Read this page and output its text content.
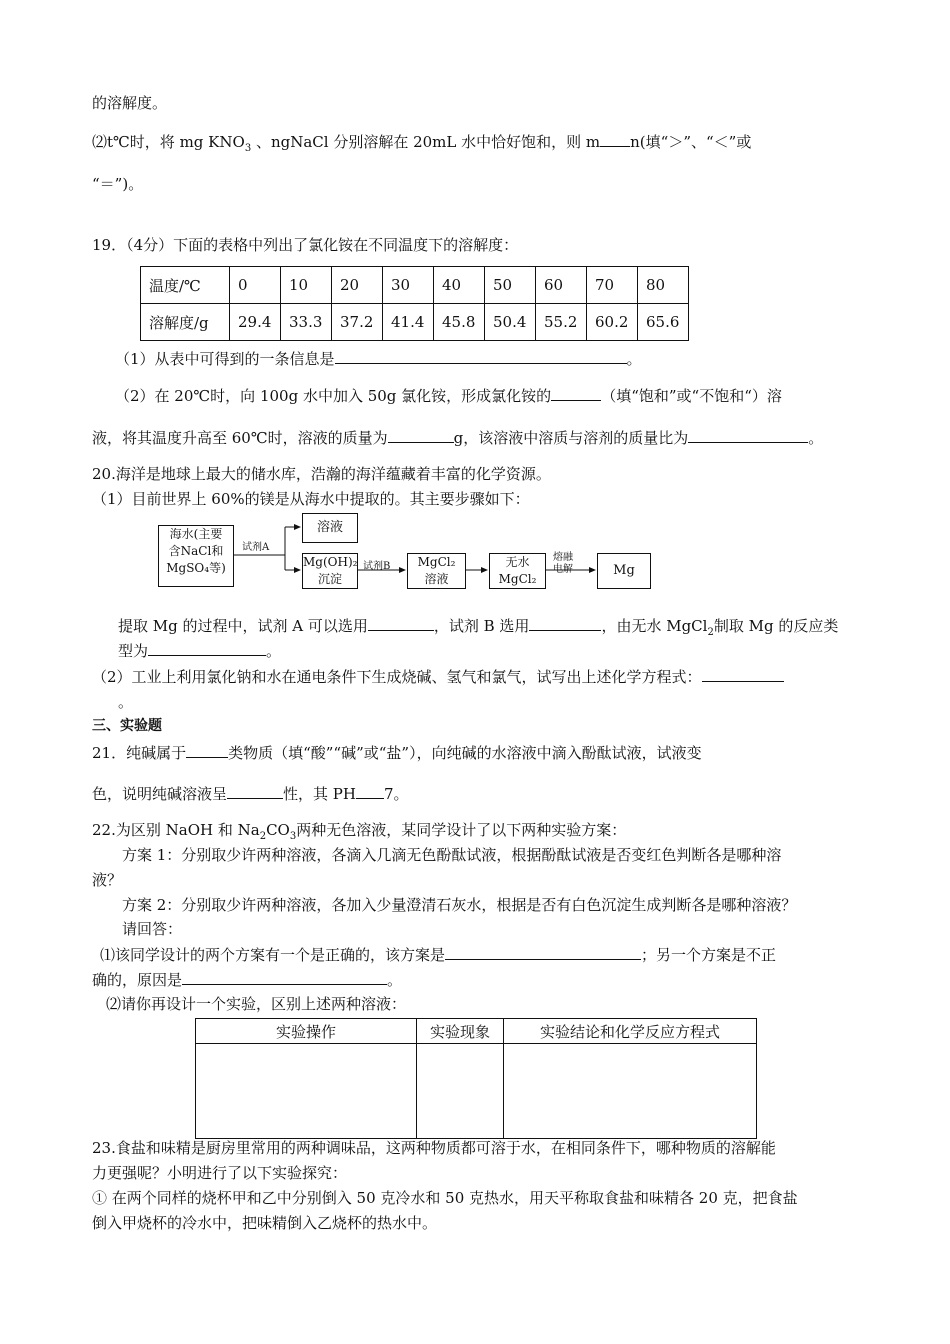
的溶解度。
⑵t℃时，将 mg $KNO_3$ 、ngNaCl 分别溶解在 20mL 水中恰好饱和，则 m n(填“＞”、“＜”或
“＝”)。
19．（4分）下面的表格中列出了氯化铵在不同温度下的溶解度：
温度/℃	0	10	20	30	40	50	60	70	80
溶解度/g	29.4	33.3	37.2	41.4	45.8	50.4	55.2	60.2	65.6
（1）从表中可得到的一条信息是	。
（2）在 20℃时，向 100g 水中加入 50g 氯化铵，形成氯化铵的	（填“饱和”或“不饱和“）溶
液，将其温度升高至 60℃时，溶液的质量为	g，该溶液中溶质与溶剂的质量比为	。
20.海洋是地球上最大的储水库，浩瀚的海洋蕴藏着丰富的化学资源。
（1）目前世界上 60%的镁是从海水中提取的。其主要步骤如下：
海水(主要
含NaCl和
MgSO₄等)
试剂A
溶液
Mg(OH)₂
沉淀
试剂B	MgCl₂
溶液
无水
MgCl₂
熔融
电解	Mg
提取 Mg 的过程中，试剂 A 可以选用	，试剂 B 选用	，由无水 MgCl$_2$制取 Mg 的反应类
型为	。
（2）工业上利用氯化钠和水在通电条件下生成烧碱、氢气和氯气，试写出上述化学方程式：
。
三、实验题
21．纯碱属于	类物质（填“酸”“碱”或“盐”），向纯碱的水溶液中滴入酚酞试液，试液变
色，说明纯碱溶液呈	性，其 PH 7。
22.为区别 NaOH 和 $Na_2CO_3$两种无色溶液，某同学设计了以下两种实验方案：
方案 1：分别取少许两种溶液，各滴入几滴无色酚酞试液，根据酚酞试液是否变红色判断各是哪种溶
液？
方案 2：分别取少许两种溶液，各加入少量澄清石灰水，根据是否有白色沉淀生成判断各是哪种溶液？
请回答：
⑴该同学设计的两个方案有一个是正确的，该方案是	；另一个方案是不正
确的，原因是	。
⑵请你再设计一个实验，区别上述两种溶液：
实验操作	实验现象	实验结论和化学反应方程式

23.食盐和味精是厨房里常用的两种调味品，这两种物质都可溶于水，在相同条件下，哪种物质的溶解能
力更强呢？小明进行了以下实验探究：
① 在两个同样的烧杯甲和乙中分别倒入 50 克冷水和 50 克热水，用天平称取食盐和味精各 20 克，把食盐
倒入甲烧杯的冷水中，把味精倒入乙烧杯的热水中。
